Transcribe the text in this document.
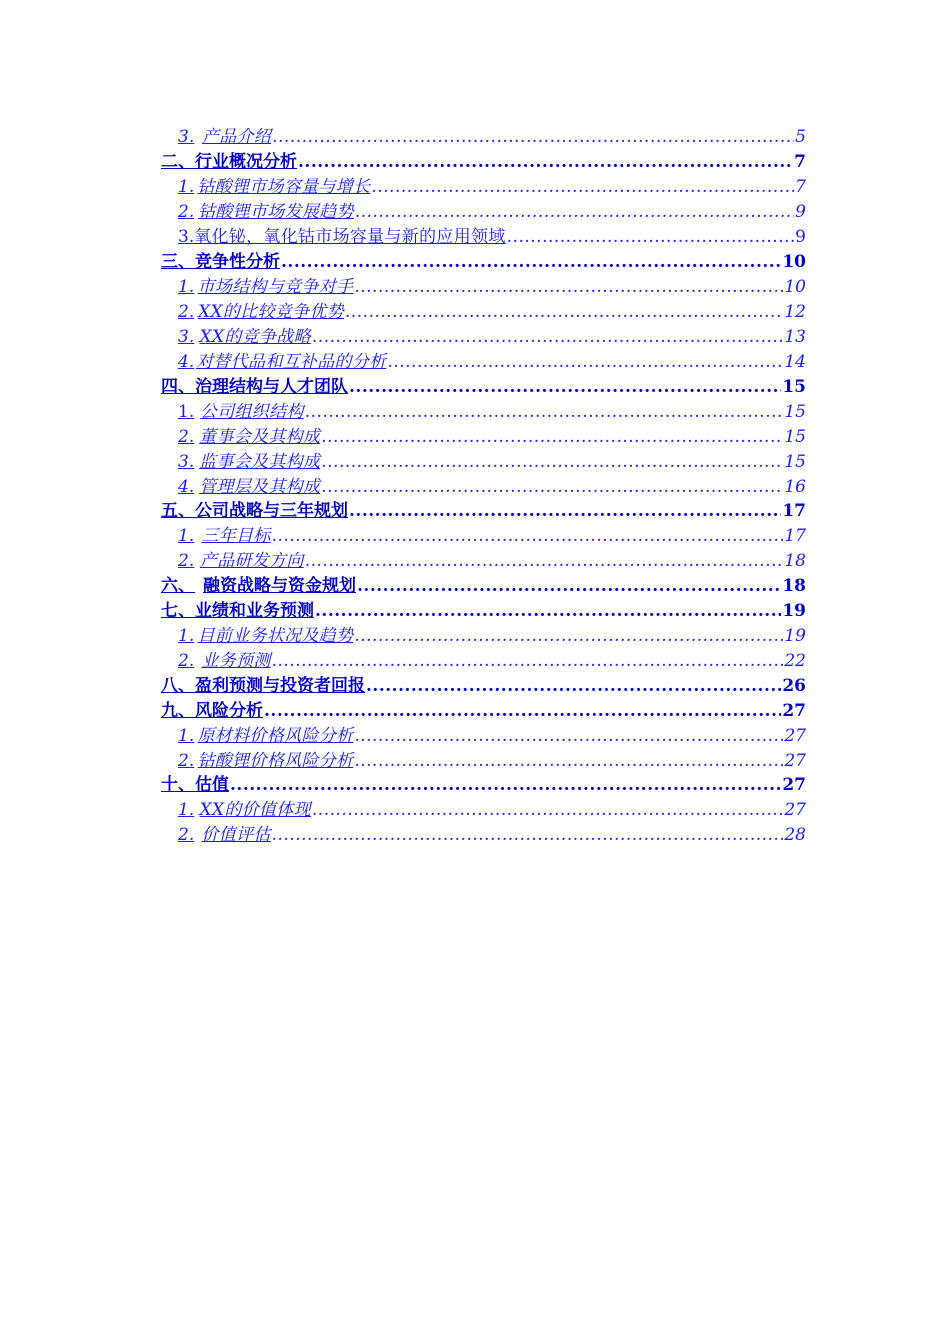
3. 产品介绍 .....	5
二、 行业概况分析 .....	7
1. 钴酸锂市场容量与增长 .....	7
2. 钴酸锂市场发展趋势 .....	9
3. 氧化铋，氧化钴市场容量与新的应用领域 .....	9
三、 竞争性分析 .....	10
1. 市场结构与竞争对手 .....	10
2. XX的比较竞争优势 .....	12
3. XX的竞争战略 .....	13
4. 对替代品和互补品的分析 .....	14
四、 治理结构与人才团队 .....	15
1. 公司组织结构 .....	15
2. 董事会及其构成 .....	15
3. 监事会及其构成 .....	15
4. 管理层及其构成 .....	16
五、 公司战略与三年规划 .....	17
1. 三年目标 .....	17
2. 产品研发方向 .....	18
六、 融资战略与资金规划 .....	18
七、 业绩和业务预测 .....	19
1. 目前业务状况及趋势 .....	19
2. 业务预测 .....	22
八、 盈利预测与投资者回报 .....	26
九、 风险分析 .....	27
1. 原材料价格风险分析 .....	27
2. 钴酸锂价格风险分析 .....	27
十、 估值 .....	27
1. XX的价值体现 .....	27
2. 价值评估 .....	28
